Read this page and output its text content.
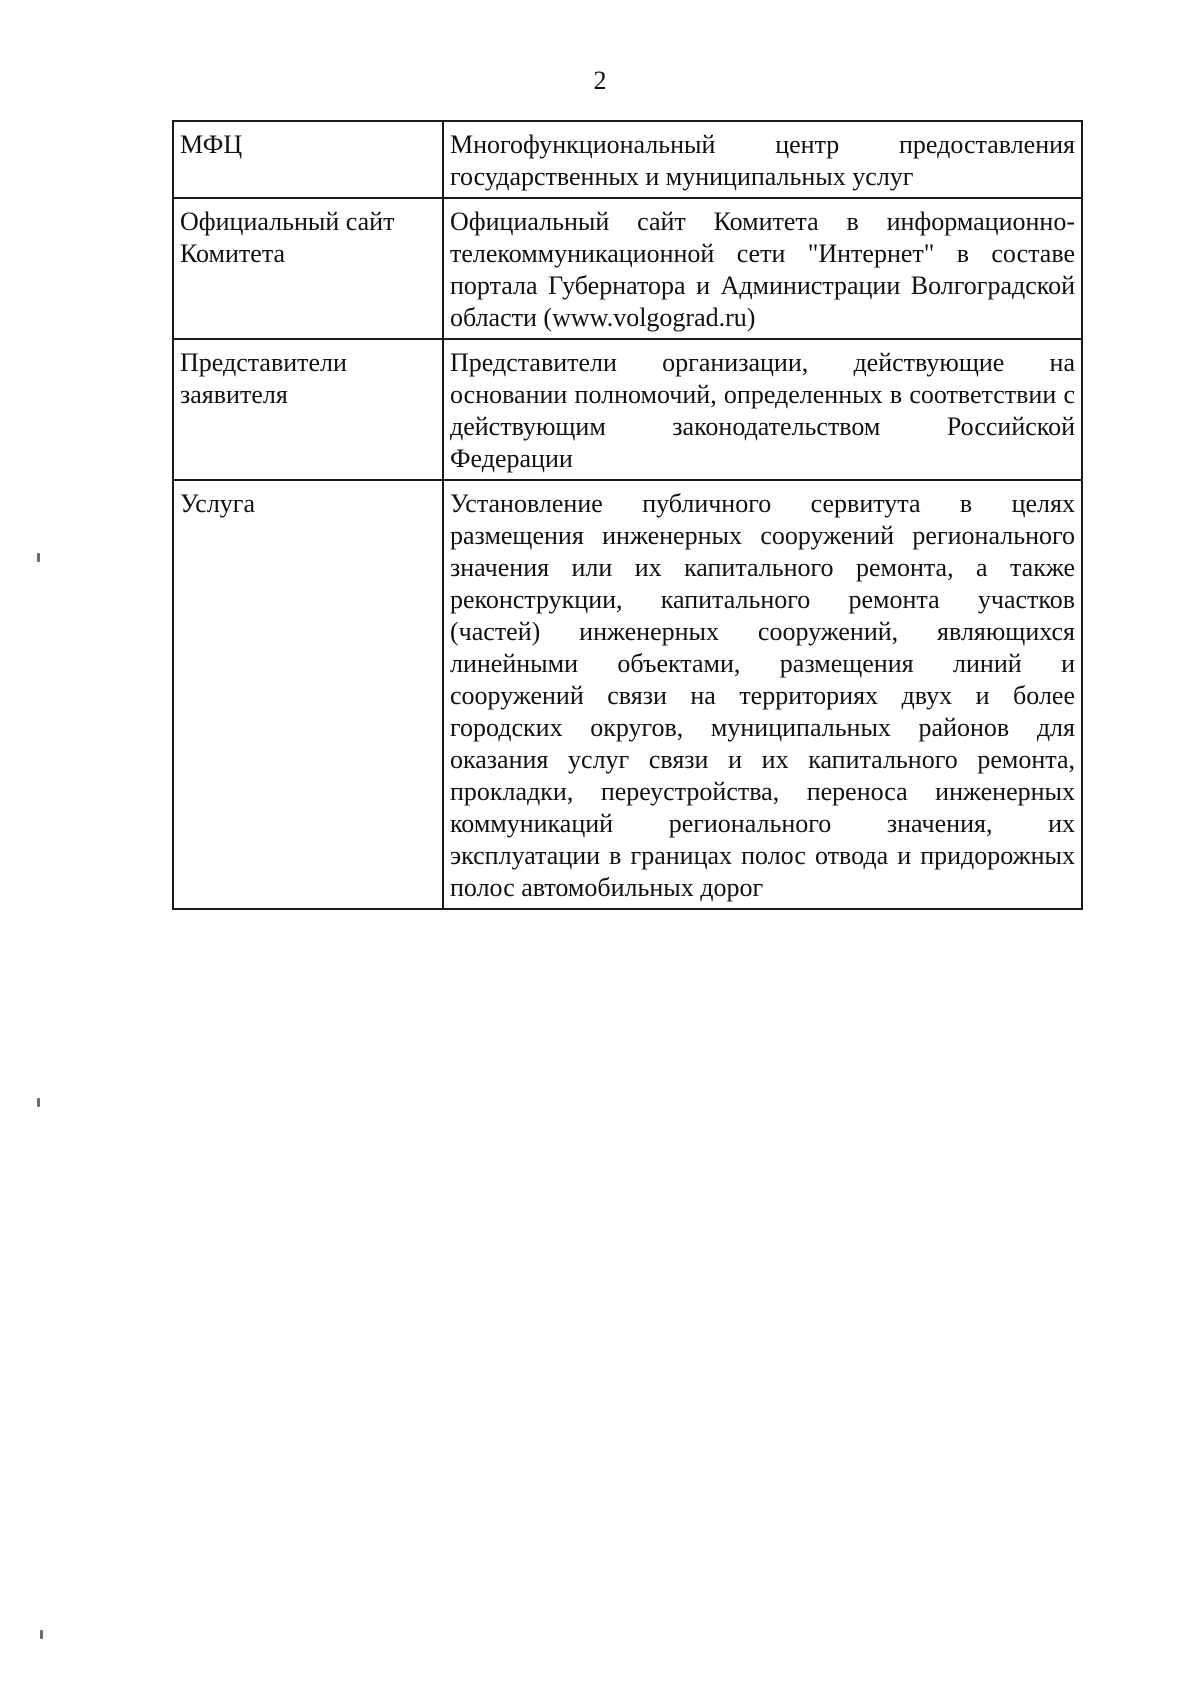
2
МФЦ	Многофункциональный центр предоставления государственных и муниципальных услуг
Официальный сайт Комитета	Официальный сайт Комитета в информационно-телекоммуникационной сети "Интернет" в составе портала Губернатора и Администрации Волгоградской области (www.volgograd.ru)
Представители заявителя	Представители организации, действующие на основании полномочий, определенных в соответствии с действующим законодательством Российской Федерации
Услуга	Установление публичного сервитута в целях размещения инженерных сооружений регионального значения или их капитального ремонта, а также реконструкции, капитального ремонта участков (частей) инженерных сооружений, являющихся линейными объектами, размещения линий и сооружений связи на территориях двух и более городских округов, муниципальных районов для оказания услуг связи и их капитального ремонта, прокладки, переустройства, переноса инженерных коммуникаций регионального значения, их эксплуатации в границах полос отвода и придорожных полос автомобильных дорог
